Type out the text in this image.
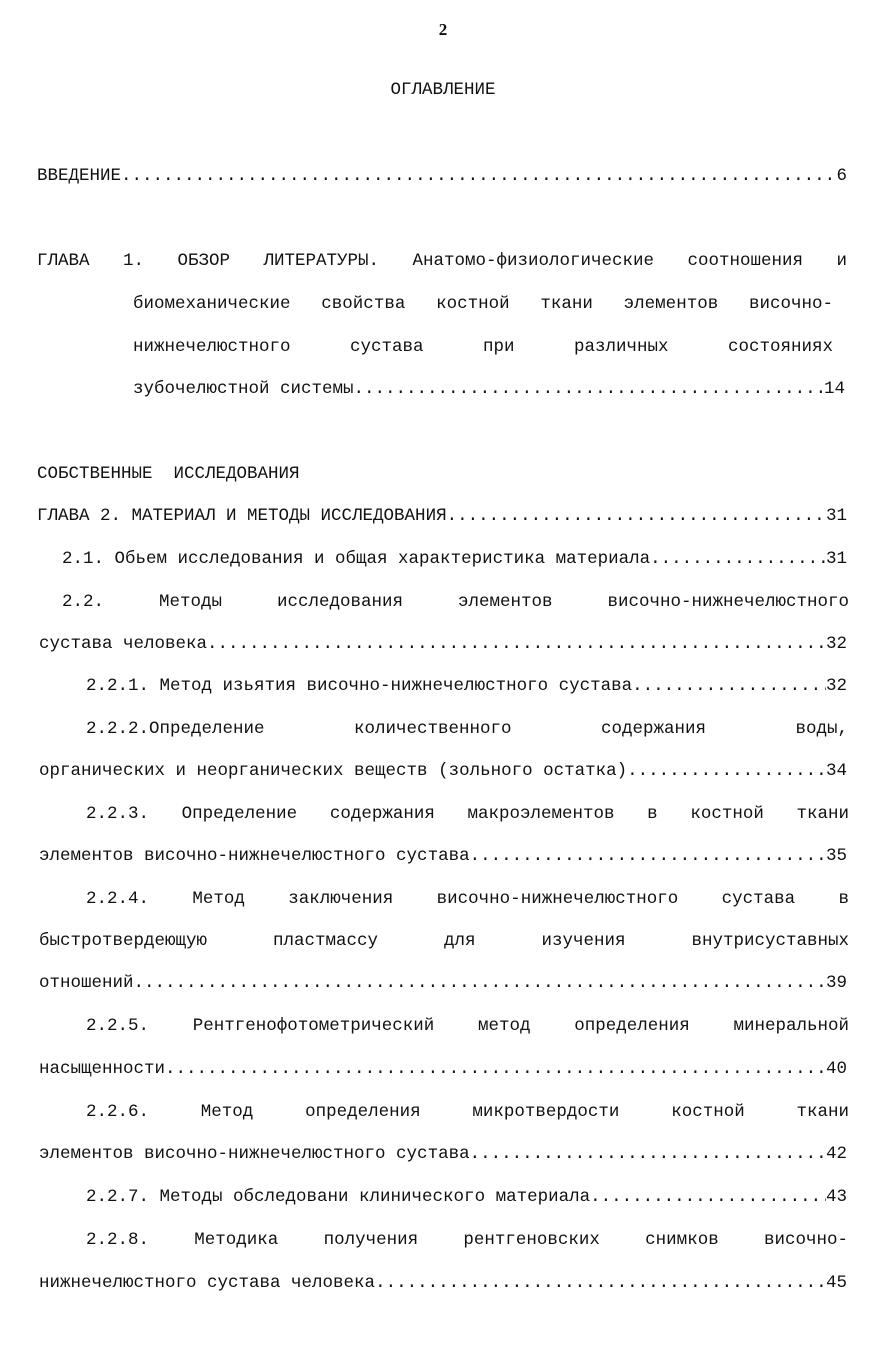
2
ОГЛАВЛЕНИЕ
ВВЕДЕНИЕ .....	6
ГЛАВА 1. ОБЗОР ЛИТЕРАТУРЫ. Анатомо-физиологические соотношения и
биомеханические свойства костной ткани элементов височно-
нижнечелюстного сустава при различных состояниях
зубочелюстной системы .....	14
СОБСТВЕННЫЕ  ИССЛЕДОВАНИЯ
ГЛАВА 2. МАТЕРИАЛ И МЕТОДЫ ИССЛЕДОВАНИЯ .....	31
2.1. Обьем исследования и общая характеристика материала .....	31
2.2. Методы исследования элементов височно-нижнечелюстного
сустава человека .....	32
2.2.1. Метод изьятия височно-нижнечелюстного сустава .....	32
2.2.2.Определение количественного содержания воды,
органических и неорганических веществ (зольного остатка) .....	34
2.2.3. Определение содержания макроэлементов в костной ткани
элементов височно-нижнечелюстного сустава .....	35
2.2.4. Метод заключения височно-нижнечелюстного сустава в
быстротвердеющую пластмассу для изучения внутрисуставных
отношений .....	39
2.2.5. Рентгенофотометрический метод определения минеральной
насыщенности .....	40
2.2.6. Метод определения микротвердости костной ткани
элементов височно-нижнечелюстного сустава .....	42
2.2.7. Методы обследовани клинического материала .....	43
2.2.8. Методика получения рентгеновских снимков височно-
нижнечелюстного сустава человека .....	45
